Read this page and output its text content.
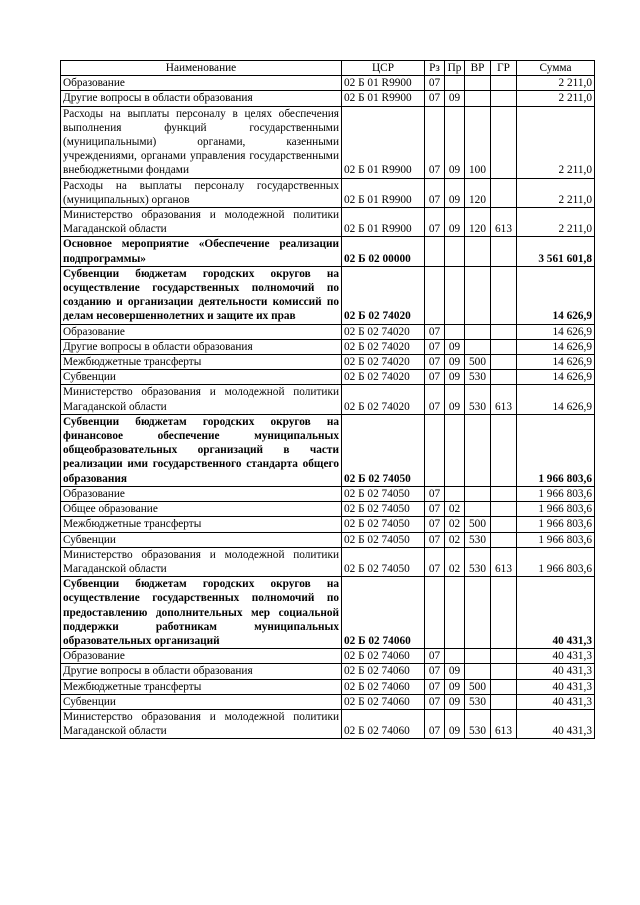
Наименование	ЦСР	Рз	Пр	ВР	ГР	Сумма
Образование	02 Б 01 R9900	07				2 211,0
Другие вопросы в области образования	02 Б 01 R9900	07	09			2 211,0
Расходы на выплаты персоналу в целях обеспечения выполнения функций государственными (муниципальными) органами, казенными учреждениями, органами управления государственными внебюджетными фондами	02 Б 01 R9900	07	09	100		2 211,0
Расходы на выплаты персоналу государственных (муниципальных) органов	02 Б 01 R9900	07	09	120		2 211,0
Министерство образования и молодежной политики Магаданской области	02 Б 01 R9900	07	09	120	613	2 211,0
Основное мероприятие «Обеспечение реализации подпрограммы»	02 Б 02 00000					3 561 601,8
Субвенции бюджетам городских округов на осуществление государственных полномочий по созданию и организации деятельности комиссий по делам несовершеннолетних и защите их прав	02 Б 02 74020					14 626,9
Образование	02 Б 02 74020	07				14 626,9
Другие вопросы в области образования	02 Б 02 74020	07	09			14 626,9
Межбюджетные трансферты	02 Б 02 74020	07	09	500		14 626,9
Субвенции	02 Б 02 74020	07	09	530		14 626,9
Министерство образования и молодежной политики Магаданской области	02 Б 02 74020	07	09	530	613	14 626,9
Субвенции бюджетам городских округов на финансовое обеспечение муниципальных общеобразовательных организаций в части реализации ими государственного стандарта общего образования	02 Б 02 74050					1 966 803,6
Образование	02 Б 02 74050	07				1 966 803,6
Общее образование	02 Б 02 74050	07	02			1 966 803,6
Межбюджетные трансферты	02 Б 02 74050	07	02	500		1 966 803,6
Субвенции	02 Б 02 74050	07	02	530		1 966 803,6
Министерство образования и молодежной политики Магаданской области	02 Б 02 74050	07	02	530	613	1 966 803,6
Субвенции бюджетам городских округов на осуществление государственных полномочий по предоставлению дополнительных мер социальной поддержки работникам муниципальных образовательных организаций	02 Б 02 74060					40 431,3
Образование	02 Б 02 74060	07				40 431,3
Другие вопросы в области образования	02 Б 02 74060	07	09			40 431,3
Межбюджетные трансферты	02 Б 02 74060	07	09	500		40 431,3
Субвенции	02 Б 02 74060	07	09	530		40 431,3
Министерство образования и молодежной политики Магаданской области	02 Б 02 74060	07	09	530	613	40 431,3
